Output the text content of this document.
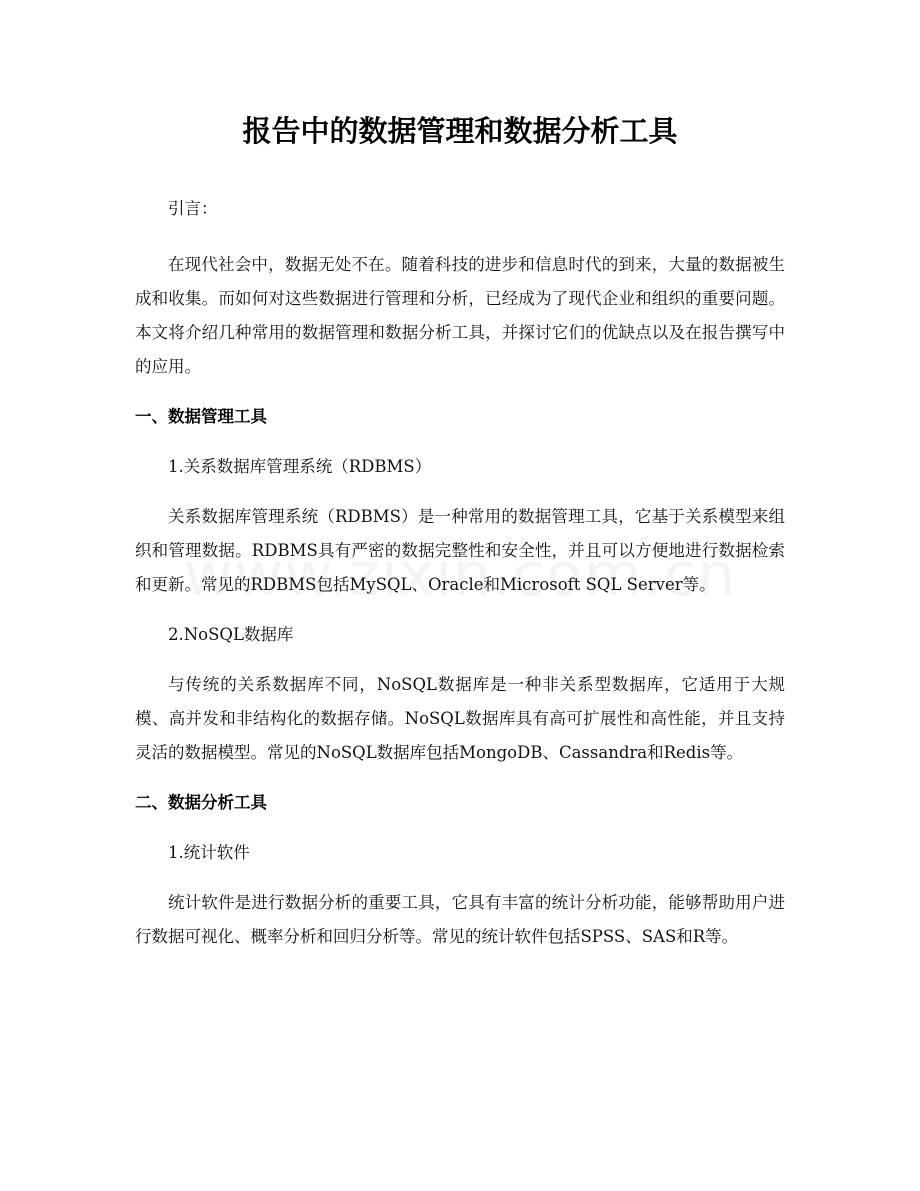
报告中的数据管理和数据分析工具

引言：

在现代社会中，数据无处不在。随着科技的进步和信息时代的到来，大量的数据被生成和收集。而如何对这些数据进行管理和分析，已经成为了现代企业和组织的重要问题。本文将介绍几种常用的数据管理和数据分析工具，并探讨它们的优缺点以及在报告撰写中的应用。

一、数据管理工具

1.关系数据库管理系统（RDBMS）

关系数据库管理系统（RDBMS）是一种常用的数据管理工具，它基于关系模型来组织和管理数据。RDBMS具有严密的数据完整性和安全性，并且可以方便地进行数据检索和更新。常见的RDBMS包括MySQL、Oracle和Microsoft SQL Server等。

2.NoSQL数据库

与传统的关系数据库不同，NoSQL数据库是一种非关系型数据库，它适用于大规模、高并发和非结构化的数据存储。NoSQL数据库具有高可扩展性和高性能，并且支持灵活的数据模型。常见的NoSQL数据库包括MongoDB、Cassandra和Redis等。

二、数据分析工具

1.统计软件

统计软件是进行数据分析的重要工具，它具有丰富的统计分析功能，能够帮助用户进行数据可视化、概率分析和回归分析等。常见的统计软件包括SPSS、SAS和R等。
